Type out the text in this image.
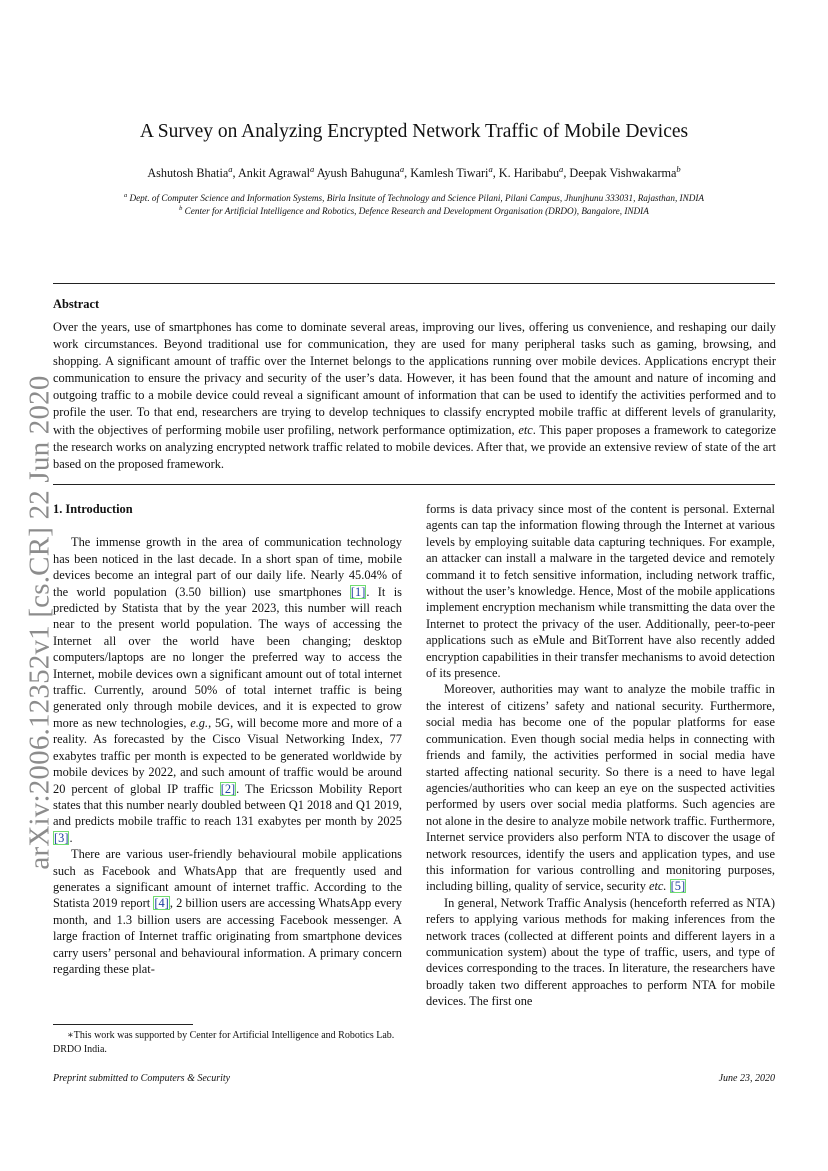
arXiv:2006.12352v1 [cs.CR] 22 Jun 2020
A Survey on Analyzing Encrypted Network Traffic of Mobile Devices
Ashutosh Bhatia$^a$, Ankit Agrawal$^a$ Ayush Bahuguna$^a$, Kamlesh Tiwari$^a$, K. Haribabu$^a$, Deepak Vishwakarma$^b$
$^a$ Dept. of Computer Science and Information Systems, Birla Insitute of Technology and Science Pilani, Pilani Campus, Jhunjhunu 333031, Rajasthan, INDIA
$^b$ Center for Artificial Intelligence and Robotics, Defence Research and Development Organisation (DRDO), Bangalore, INDIA
Abstract
Over the years, use of smartphones has come to dominate several areas, improving our lives, offering us convenience, and reshaping our daily work circumstances. Beyond traditional use for communication, they are used for many peripheral tasks such as gaming, browsing, and shopping. A significant amount of traffic over the Internet belongs to the applications running over mobile devices. Applications encrypt their communication to ensure the privacy and security of the user’s data. However, it has been found that the amount and nature of incoming and outgoing traffic to a mobile device could reveal a significant amount of information that can be used to identify the activities performed and to profile the user. To that end, researchers are trying to develop techniques to classify encrypted mobile traffic at different levels of granularity, with the objectives of performing mobile user profiling, network performance optimization, etc. This paper proposes a framework to categorize the research works on analyzing encrypted network traffic related to mobile devices. After that, we provide an extensive review of state of the art based on the proposed framework.
1. Introduction

The immense growth in the area of communication technology has been noticed in the last decade. In a short span of time, mobile devices become an integral part of our daily life. Nearly 45.04% of the world population (3.50 billion) use smartphones [1]. It is predicted by Statista that by the year 2023, this number will reach near to the present world population. The ways of accessing the Internet all over the world have been changing; desktop computers/laptops are no longer the preferred way to access the Internet, mobile devices own a significant amount out of total internet traffic. Currently, around 50% of total internet traffic is being generated only through mobile devices, and it is expected to grow more as new technologies, e.g., 5G, will become more and more of a reality. As forecasted by the Cisco Visual Networking Index, 77 exabytes traffic per month is expected to be generated worldwide by mobile devices by 2022, and such amount of traffic would be around 20 percent of global IP traffic [2]. The Ericsson Mobility Report states that this number nearly doubled between Q1 2018 and Q1 2019, and predicts mobile traffic to reach 131 exabytes per month by 2025 [3].

There are various user-friendly behavioural mobile applications such as Facebook and WhatsApp that are frequently used and generates a significant amount of internet traffic. According to the Statista 2019 report [4], 2 billion users are accessing WhatsApp every month, and 1.3 billion users are accessing Facebook messenger. A large fraction of Internet traffic originating from smartphone devices carry users’ personal and behavioural information. A primary concern regarding these plat-

forms is data privacy since most of the content is personal. External agents can tap the information flowing through the Internet at various levels by employing suitable data capturing techniques. For example, an attacker can install a malware in the targeted device and remotely command it to fetch sensitive information, including network traffic, without the user’s knowledge. Hence, Most of the mobile applications implement encryption mechanism while transmitting the data over the Internet to protect the privacy of the user. Additionally, peer-to-peer applications such as eMule and BitTorrent have also recently added encryption capabilities in their transfer mechanisms to avoid detection of its presence.

Moreover, authorities may want to analyze the mobile traffic in the interest of citizens’ safety and national security. Furthermore, social media has become one of the popular platforms for ease communication. Even though social media helps in connecting with friends and family, the activities performed in social media have started affecting national security. So there is a need to have legal agencies/authorities who can keep an eye on the suspected activities performed by users over social media platforms. Such agencies are not alone in the desire to analyze mobile network traffic. Furthermore, Internet service providers also perform NTA to discover the usage of network resources, identify the users and application types, and use this information for various controlling and monitoring purposes, including billing, quality of service, security etc. [5]

In general, Network Traffic Analysis (henceforth referred as NTA) refers to applying various methods for making inferences from the network traces (collected at different points and different layers in a communication system) about the type of traffic, users, and type of devices corresponding to the traces. In literature, the researchers have broadly taken two different approaches to perform NTA for mobile devices. The first one

∗This work was supported by Center for Artificial Intelligence and Robotics Lab. DRDO India.
Preprint submitted to Computers & Security	June 23, 2020
